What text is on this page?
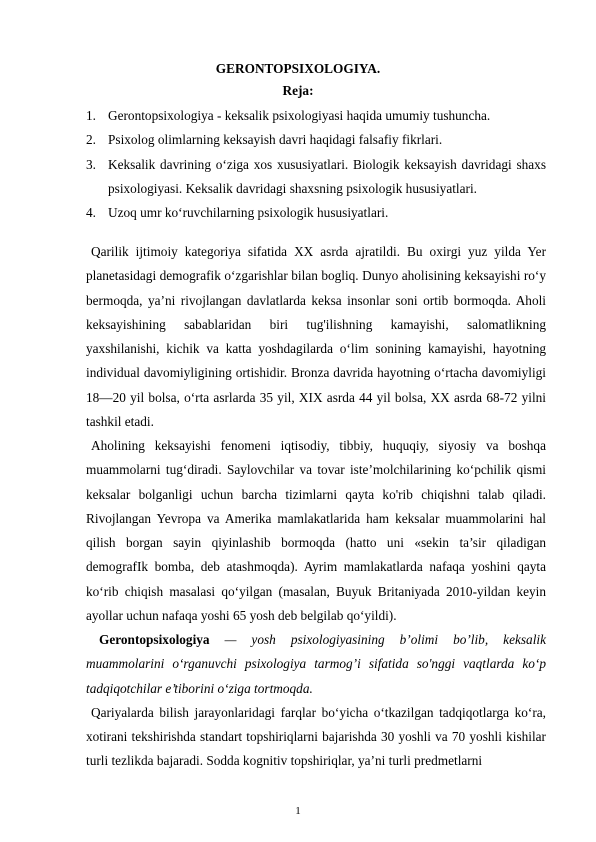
GERONTOPSIXOLOGIYA.

Reja:

1. Gerontopsixologiya - keksalik psixologiyasi haqida umumiy tushuncha.
2. Psixolog olimlarning keksayish davri haqidagi falsafiy fikrlari.
3. Keksalik davrining o‘ziga xos xususiyatlari. Biologik keksayish davridagi shaxs psixologiyasi. Keksalik davridagi shaxsning psixologik hususiyatlari.
4. Uzoq umr ko‘ruvchilarning psixologik hususiyatlari.

Qarilik ijtimoiy kategoriya sifatida XX asrda ajratildi. Bu oxirgi yuz yilda Yer planetasidagi demografik o‘zgarishlar bilan bogliq. Dunyo aholisining keksayishi ro‘y bermoqda, ya’ni rivojlangan davlatlarda keksa insonlar soni ortib bormoqda. Aholi keksayishining sabablaridan biri tug'ilishning kamayishi, salomatlikning yaxshilanishi, kichik va katta yoshdagilarda o‘lim sonining kamayishi, hayotning individual davomiyligining ortishidir. Bronza davrida hayotning o‘rtacha davomiyligi 18—20 yil bolsa, o‘rta asrlarda 35 yil, XIX asrda 44 yil bolsa, XX asrda 68-72 yilni tashkil etadi.

Aholining keksayishi fenomeni iqtisodiy, tibbiy, huquqiy, siyosiy va boshqa muammolarni tug‘diradi. Saylovchilar va tovar iste’molchilarining ko‘pchilik qismi keksalar bolganligi uchun barcha tizimlarni qayta ko'rib chiqishni talab qiladi. Rivojlangan Yevropa va Amerika mamlakatlarida ham keksalar muammolarini hal qilish borgan sayin qiyinlashib bormoqda (hatto uni «sekin ta’sir qiladigan demografIk bomba, deb atashmoqda). Ayrim mamlakatlarda nafaqa yoshini qayta ko‘rib chiqish masalasi qo‘yilgan (masalan, Buyuk Britaniyada 2010-yildan keyin ayollar uchun nafaqa yoshi 65 yosh deb belgilab qo‘yildi).

Gerontopsixologiya — yosh psixologiyasining b’olimi bo’lib, keksalik muammolarini o‘rganuvchi psixologiya tarmog’i sifatida so'nggi vaqtlarda ko‘p tadqiqotchilar e’tiborini o‘ziga tortmoqda.

Qariyalarda bilish jarayonlaridagi farqlar bo‘yicha o‘tkazilgan tadqiqotlarga ko‘ra, xotirani tekshirishda standart topshiriqlarni bajarishda 30 yoshli va 70 yoshli kishilar turli tezlikda bajaradi. Sodda kognitiv topshiriqlar, ya’ni turli predmetlarni

1
